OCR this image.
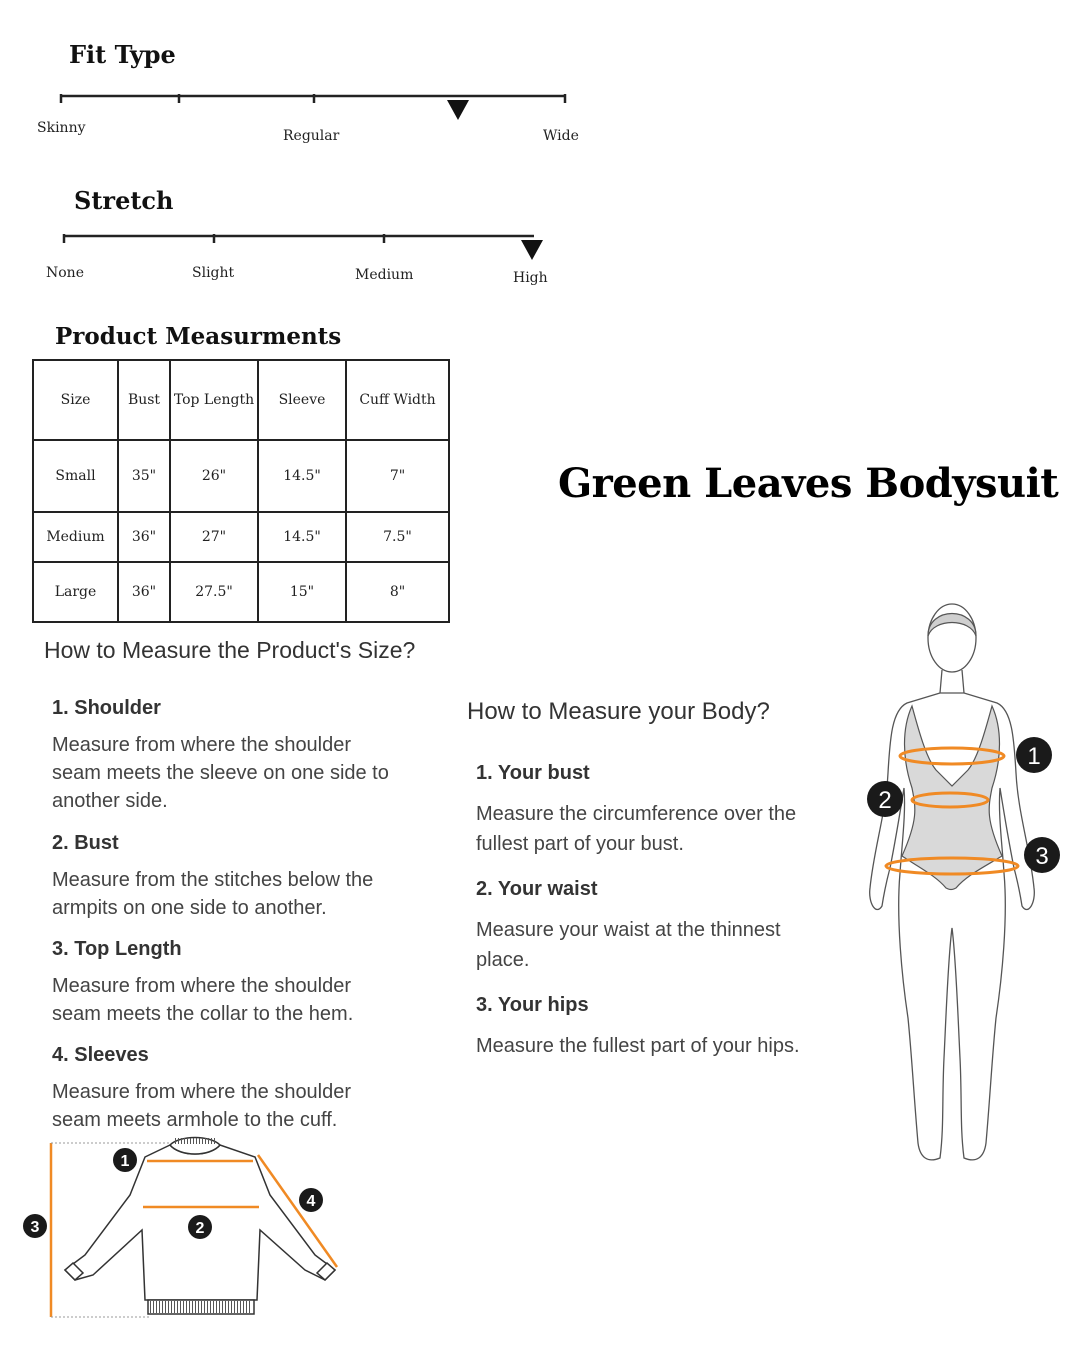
Fit Type
Skinny	Regular	Wide
Stretch
None	Slight	Medium	High
Product Measurments
Size	Bust	Top Length	Sleeve	Cuff Width
Small	35"	26"	14.5"	7"
Medium	36"	27"	14.5"	7.5"
Large	36"	27.5"	15"	8"
Green Leaves Bodysuit
How to Measure the Product's Size?
1. Shoulder
Measure from where the shoulder
seam meets the sleeve on one side to
another side.
2. Bust
Measure from the stitches below the
armpits on one side to another.
3. Top Length
Measure from where the shoulder
seam meets the collar to the hem.
4. Sleeves
Measure from where the shoulder
seam meets armhole to the cuff.
1
2
3
4
How to Measure your Body?
1. Your bust
Measure the circumference over the
fullest part of your bust.
2. Your waist
Measure your waist at the thinnest
place.
3. Your hips
Measure the fullest part of your hips.
1
2
3
